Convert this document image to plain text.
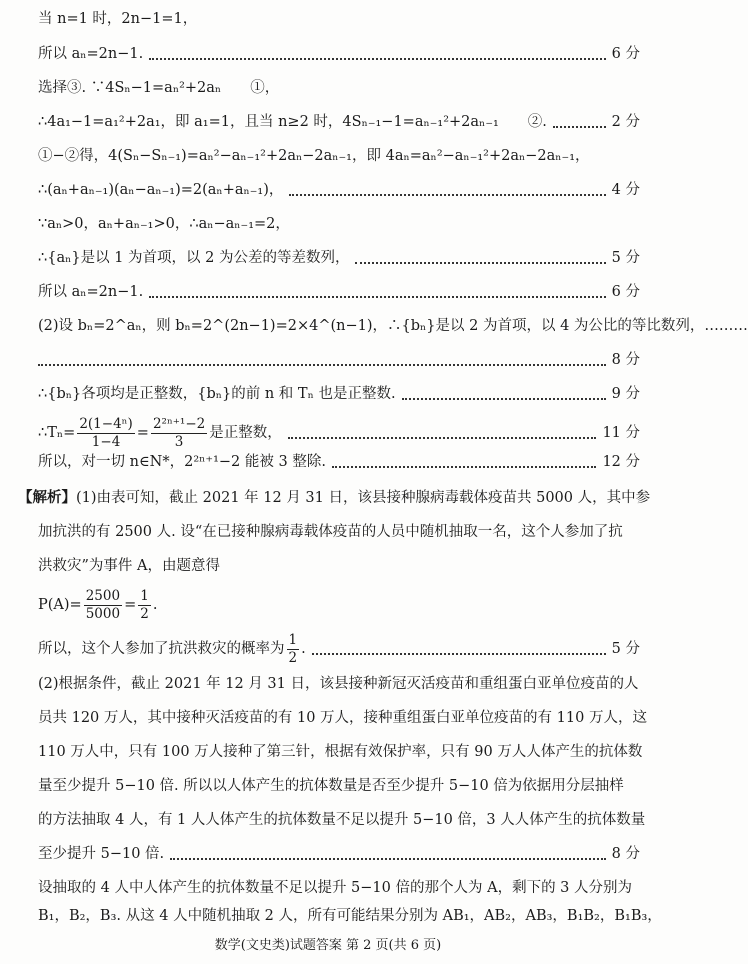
当 n=1 时，2n−1=1，
所以 aₙ=2n−1.	6 分
选择③. ∵4Sₙ−1=aₙ²+2aₙ　　①，
∴4a₁−1=a₁²+2a₁，即 a₁=1，且当 n≥2 时，4Sₙ₋₁−1=aₙ₋₁²+2aₙ₋₁　　②.	2 分
①−②得，4(Sₙ−Sₙ₋₁)=aₙ²−aₙ₋₁²+2aₙ−2aₙ₋₁，即 4aₙ=aₙ²−aₙ₋₁²+2aₙ−2aₙ₋₁，
∴(aₙ+aₙ₋₁)(aₙ−aₙ₋₁)=2(aₙ+aₙ₋₁)，	4 分
∵aₙ>0，aₙ+aₙ₋₁>0，∴aₙ−aₙ₋₁=2，
∴{aₙ}是以 1 为首项，以 2 为公差的等差数列，	5 分
所以 aₙ=2n−1.	6 分
(2)设 bₙ=2^aₙ，则 bₙ=2^(2n−1)=2×4^(n−1)，∴{bₙ}是以 2 为首项，以 4 为公比的等比数列，………
8 分
∴{bₙ}各项均是正整数，{bₙ}的前 n 和 Tₙ 也是正整数.	9 分
∴Tₙ= $\frac{\text{2(1−4ⁿ)}}{1-4} = \frac{\text{2²ⁿ⁺¹−2}}{3}$ 是正整数，	11 分
所以，对一切 n∈N*，2²ⁿ⁺¹−2 能被 3 整除.	12 分
【解析】 (1)由表可知，截止 2021 年 12 月 31 日，该县接种腺病毒载体疫苗共 5000 人，其中参
加抗洪的有 2500 人. 设“在已接种腺病毒载体疫苗的人员中随机抽取一名，这个人参加了抗
洪救灾”为事件 A，由题意得
$P(A)= \frac{2500}{5000} = \frac{1}{2}$ .
所以，这个人参加了抗洪救灾的概率为 $\frac{1}{2}$ .	5 分
(2)根据条件，截止 2021 年 12 月 31 日，该县接种新冠灭活疫苗和重组蛋白亚单位疫苗的人
员共 120 万人，其中接种灭活疫苗的有 10 万人，接种重组蛋白亚单位疫苗的有 110 万人，这
110 万人中，只有 100 万人接种了第三针，根据有效保护率，只有 90 万人人体产生的抗体数
量至少提升 5−10 倍. 所以以人体产生的抗体数量是否至少提升 5−10 倍为依据用分层抽样
的方法抽取 4 人，有 1 人人体产生的抗体数量不足以提升 5−10 倍，3 人人体产生的抗体数量
至少提升 5−10 倍.	8 分
设抽取的 4 人中人体产生的抗体数量不足以提升 5−10 倍的那个人为 A，剩下的 3 人分别为
B₁，B₂，B₃. 从这 4 人中随机抽取 2 人，所有可能结果分别为 AB₁，AB₂，AB₃，B₁B₂，B₁B₃，
数学(文史类)试题答案 第 2 页(共 6 页)
